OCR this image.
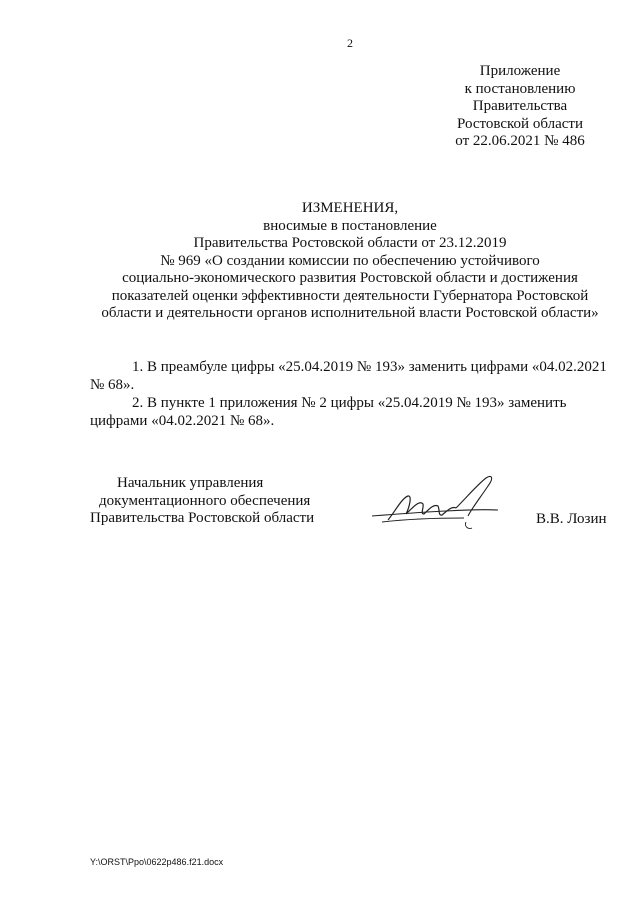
2
Приложение
к постановлению
Правительства
Ростовской области
от 22.06.2021 № 486
ИЗМЕНЕНИЯ,
вносимые в постановление
Правительства Ростовской области от 23.12.2019
№ 969 «О создании комиссии по обеспечению устойчивого
социально-экономического развития Ростовской области и достижения
показателей оценки эффективности деятельности Губернатора Ростовской
области и деятельности органов исполнительной власти Ростовской области»
1. В преамбуле цифры «25.04.2019 № 193» заменить цифрами «04.02.2021
№ 68».
2. В пункте 1 приложения № 2 цифры «25.04.2019 № 193» заменить
цифрами «04.02.2021 № 68».
Начальник управления
документационного обеспечения
Правительства Ростовской области	В.В. Лозин
Y:\ORST\Ppo\0622p486.f21.docx
